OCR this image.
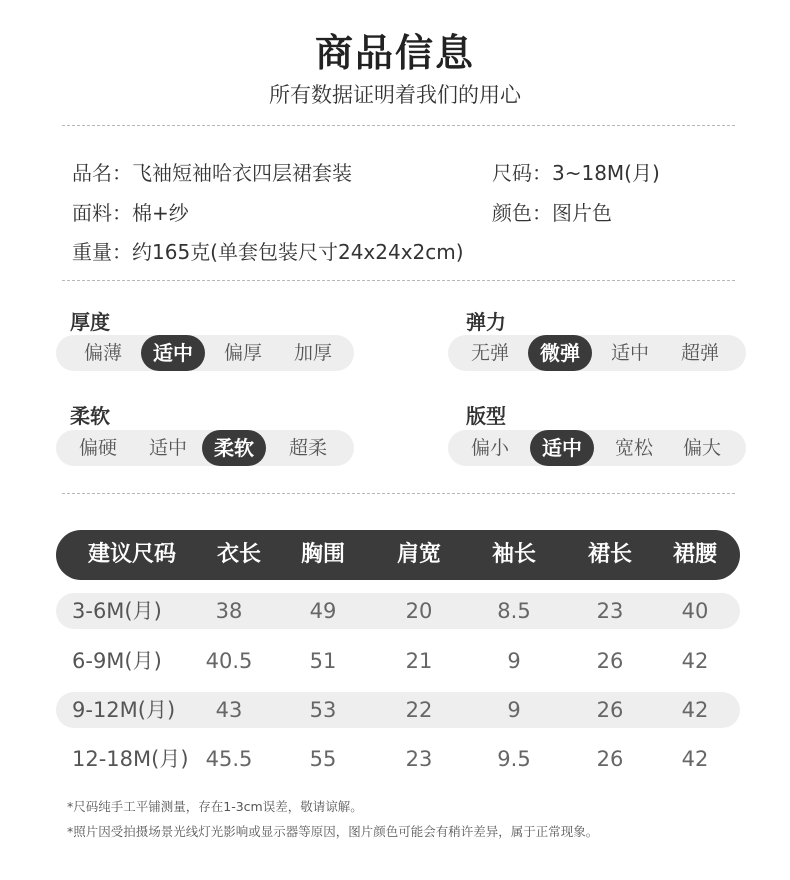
商品信息
所有数据证明着我们的用心
品名：飞袖短袖哈衣四层裙套装	尺码：3~18M(月)
面料：棉+纱	颜色：图片色
重量：约165克(单套包装尺寸24x24x2cm)
厚度
偏薄	适中	偏厚	加厚
弹力
无弹	微弹	适中	超弹
柔软
偏硬	适中	柔软	超柔
版型
偏小	适中	宽松	偏大
建议尺码	衣长	胸围	肩宽	袖长	裙长	裙腰
3-6M(月)	38	49	20	8.5	23	40
6-9M(月)	40.5	51	21	9	26	42
9-12M(月)	43	53	22	9	26	42
12-18M(月) 45.5	55	23	9.5	26	42
*尺码纯手工平铺测量，存在1-3cm误差，敬请谅解。
*照片因受拍摄场景光线灯光影响或显示器等原因，图片颜色可能会有稍许差异，属于正常现象。
